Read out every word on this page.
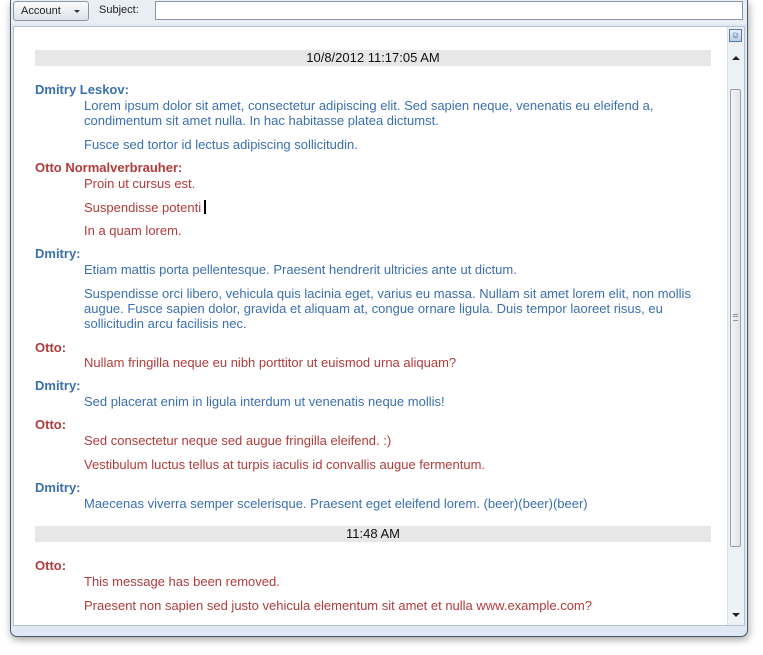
Account	Subject:
10/8/2012 11:17:05 AM
Dmitry Leskov:
Lorem ipsum dolor sit amet, consectetur adipiscing elit. Sed sapien neque, venenatis eu eleifend a, condimentum sit amet nulla. In hac habitasse platea dictumst.
Fusce sed tortor id lectus adipiscing sollicitudin.
Otto Normalverbrauher:
Proin ut cursus est.
Suspendisse potenti
In a quam lorem.
Dmitry:
Etiam mattis porta pellentesque. Praesent hendrerit ultricies ante ut dictum.
Suspendisse orci libero, vehicula quis lacinia eget, varius eu massa. Nullam sit amet lorem elit, non mollis augue. Fusce sapien dolor, gravida et aliquam at, congue ornare ligula. Duis tempor laoreet risus, eu sollicitudin arcu facilisis nec.
Otto:
Nullam fringilla neque eu nibh porttitor ut euismod urna aliquam?
Dmitry:
Sed placerat enim in ligula interdum ut venenatis neque mollis!
Otto:
Sed consectetur neque sed augue fringilla eleifend. :)
Vestibulum luctus tellus at turpis iaculis id convallis augue fermentum.
Dmitry:
Maecenas viverra semper scelerisque. Praesent eget eleifend lorem. (beer)(beer)(beer)
11:48 AM
Otto:
This message has been removed.
Praesent non sapien sed justo vehicula elementum sit amet et nulla www.example.com?
☺
